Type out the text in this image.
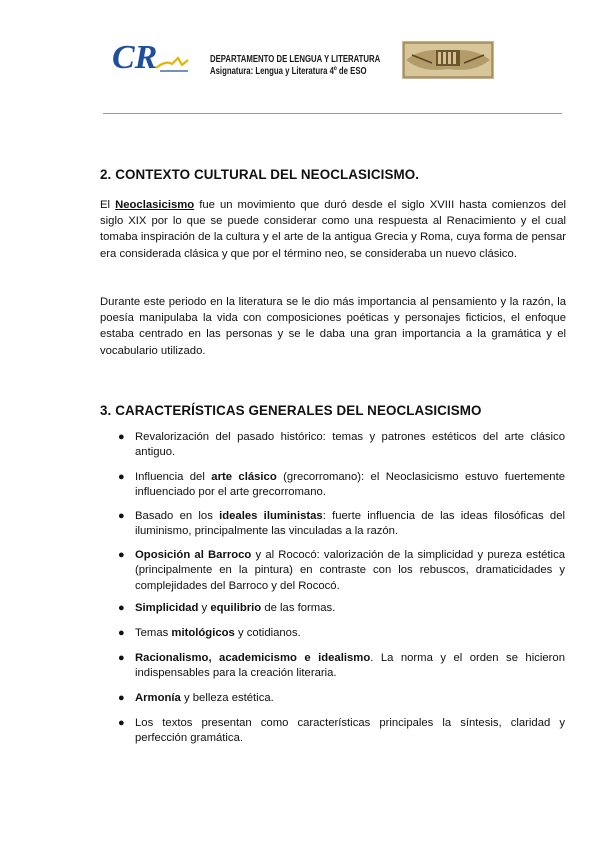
CR	DEPARTAMENTO DE LENGUA Y LITERATURA
Asignatura: Lengua y Literatura 4º de ESO
2. CONTEXTO CULTURAL DEL NEOCLASICISMO.

El Neoclasicismo fue un movimiento que duró desde el siglo XVIII hasta comienzos del siglo XIX por lo que se puede considerar como una respuesta al Renacimiento y el cual tomaba inspiración de la cultura y el arte de la antigua Grecia y Roma, cuya forma de pensar era considerada clásica y que por el término neo, se consideraba un nuevo clásico.

Durante este periodo en la literatura se le dio más importancia al pensamiento y la razón, la poesía manipulaba la vida con composiciones poéticas y personajes ficticios, el enfoque estaba centrado en las personas y se le daba una gran importancia a la gramática y el vocabulario utilizado.

3. CARACTERÍSTICAS GENERALES DEL NEOCLASICISMO
● Revalorización del pasado histórico: temas y patrones estéticos del arte clásico antiguo.
● Influencia del arte clásico (grecorromano): el Neoclasicismo estuvo fuertemente influenciado por el arte grecorromano.
● Basado en los ideales iluministas: fuerte influencia de las ideas filosóficas del iluminismo, principalmente las vinculadas a la razón.
● Oposición al Barroco y al Rococó: valorización de la simplicidad y pureza estética (principalmente en la pintura) en contraste con los rebuscos, dramaticidades y complejidades del Barroco y del Rococó.
● Simplicidad y equilibrio de las formas.
● Temas mitológicos y cotidianos.
● Racionalismo, academicismo e idealismo. La norma y el orden se hicieron indispensables para la creación literaria.
● Armonía y belleza estética.
● Los textos presentan como características principales la síntesis, claridad y perfección gramática.
